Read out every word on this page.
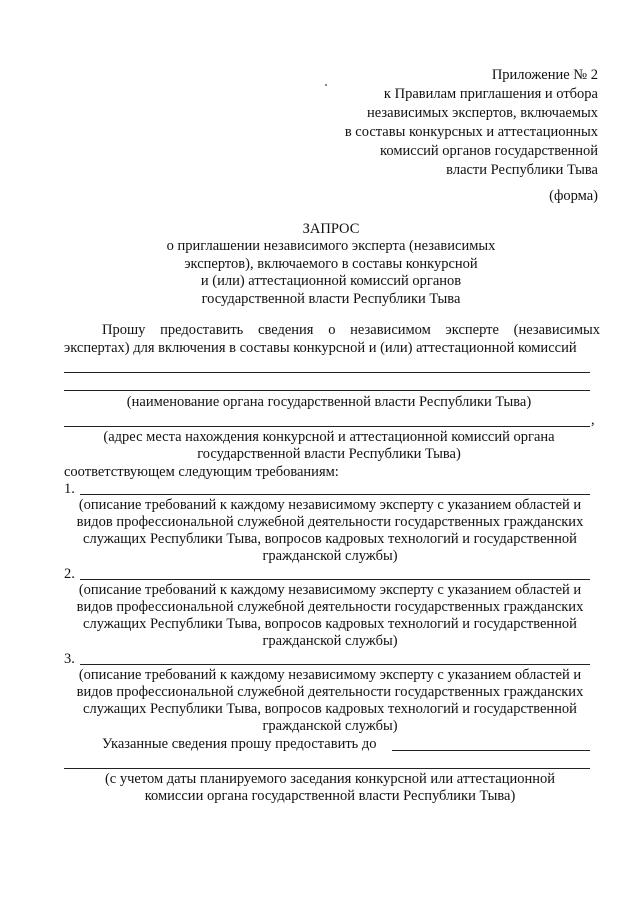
Приложение № 2
к Правилам приглашения и отбора
независимых экспертов, включаемых
в составы конкурсных и аттестационных
комиссий органов государственной
власти Республики Тыва
(форма)
ЗАПРОС
о приглашении независимого эксперта (независимых
экспертов), включаемого в составы конкурсной
и (или) аттестационной комиссий органов
государственной власти Республики Тыва
Прошу предоставить сведения о независимом эксперте (независимых
экспертах) для включения в составы конкурсной и (или) аттестационной комиссий
(наименование органа государственной власти Республики Тыва)
,
(адрес места нахождения конкурсной и аттестационной комиссий органа
государственной власти Республики Тыва)
соответствующем следующим требованиям:
1.
(описание требований к каждому независимому эксперту с указанием областей и
видов профессиональной служебной деятельности государственных гражданских
служащих Республики Тыва, вопросов кадровых технологий и государственной
гражданской службы)
2.
(описание требований к каждому независимому эксперту с указанием областей и
видов профессиональной служебной деятельности государственных гражданских
служащих Республики Тыва, вопросов кадровых технологий и государственной
гражданской службы)
3.
(описание требований к каждому независимому эксперту с указанием областей и
видов профессиональной служебной деятельности государственных гражданских
служащих Республики Тыва, вопросов кадровых технологий и государственной
гражданской службы)
Указанные сведения прошу предоставить до
(с учетом даты планируемого заседания конкурсной или аттестационной
комиссии органа государственной власти Республики Тыва)
